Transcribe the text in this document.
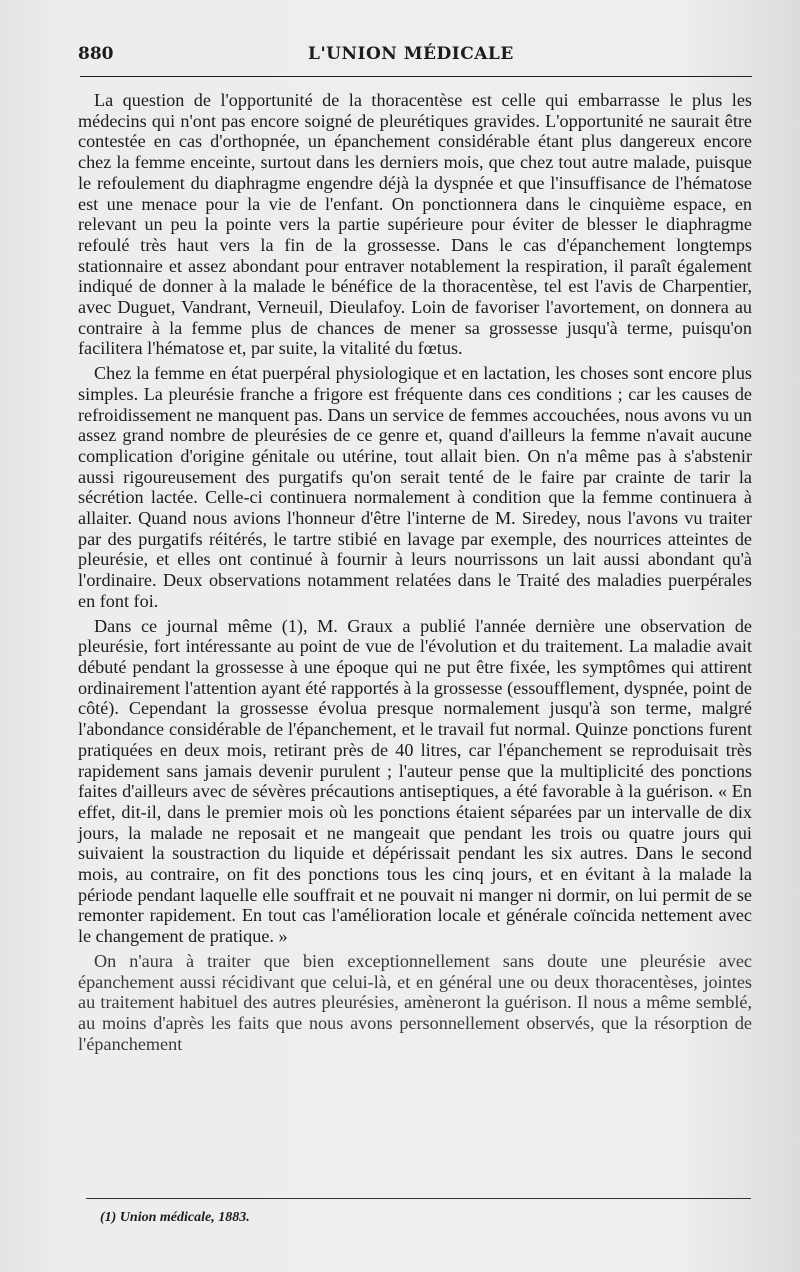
880	L'UNION MÉDICALE

La question de l'opportunité de la thoracentèse est celle qui embarrasse le plus les médecins qui n'ont pas encore soigné de pleurétiques gravides. L'opportunité ne saurait être contestée en cas d'orthopnée, un épanchement considérable étant plus dangereux encore chez la femme enceinte, surtout dans les derniers mois, que chez tout autre malade, puisque le refoulement du diaphragme engendre déjà la dyspnée et que l'insuffisance de l'hématose est une menace pour la vie de l'enfant. On ponctionnera dans le cinquième espace, en relevant un peu la pointe vers la partie supérieure pour éviter de blesser le diaphragme refoulé très haut vers la fin de la grossesse. Dans le cas d'épanchement longtemps stationnaire et assez abondant pour entraver notablement la respiration, il paraît également indiqué de donner à la malade le bénéfice de la thoracentèse, tel est l'avis de Charpentier, avec Duguet, Vandrant, Verneuil, Dieulafoy. Loin de favoriser l'avortement, on donnera au contraire à la femme plus de chances de mener sa grossesse jusqu'à terme, puisqu'on facilitera l'hématose et, par suite, la vitalité du fœtus.

Chez la femme en état puerpéral physiologique et en lactation, les choses sont encore plus simples. La pleurésie franche a frigore est fréquente dans ces conditions ; car les causes de refroidissement ne manquent pas. Dans un service de femmes accouchées, nous avons vu un assez grand nombre de pleurésies de ce genre et, quand d'ailleurs la femme n'avait aucune complication d'origine génitale ou utérine, tout allait bien. On n'a même pas à s'abstenir aussi rigoureusement des purgatifs qu'on serait tenté de le faire par crainte de tarir la sécrétion lactée. Celle-ci continuera normalement à condition que la femme continuera à allaiter. Quand nous avions l'honneur d'être l'interne de M. Siredey, nous l'avons vu traiter par des purgatifs réitérés, le tartre stibié en lavage par exemple, des nourrices atteintes de pleurésie, et elles ont continué à fournir à leurs nourrissons un lait aussi abondant qu'à l'ordinaire. Deux observations notamment relatées dans le Traité des maladies puerpérales en font foi.

Dans ce journal même (1), M. Graux a publié l'année dernière une observation de pleurésie, fort intéressante au point de vue de l'évolution et du traitement. La maladie avait débuté pendant la grossesse à une époque qui ne put être fixée, les symptômes qui attirent ordinairement l'attention ayant été rapportés à la grossesse (essoufflement, dyspnée, point de côté). Cependant la grossesse évolua presque normalement jusqu'à son terme, malgré l'abondance considérable de l'épanchement, et le travail fut normal. Quinze ponctions furent pratiquées en deux mois, retirant près de 40 litres, car l'épanchement se reproduisait très rapidement sans jamais devenir purulent ; l'auteur pense que la multiplicité des ponctions faites d'ailleurs avec de sévères précautions antiseptiques, a été favorable à la guérison. « En effet, dit-il, dans le premier mois où les ponctions étaient séparées par un intervalle de dix jours, la malade ne reposait et ne mangeait que pendant les trois ou quatre jours qui suivaient la soustraction du liquide et dépérissait pendant les six autres. Dans le second mois, au contraire, on fit des ponctions tous les cinq jours, et en évitant à la malade la période pendant laquelle elle souffrait et ne pouvait ni manger ni dormir, on lui permit de se remonter rapidement. En tout cas l'amélioration locale et générale coïncida nettement avec le changement de pratique. »

On n'aura à traiter que bien exceptionnellement sans doute une pleurésie avec épanchement aussi récidivant que celui-là, et en général une ou deux thoracentèses, jointes au traitement habituel des autres pleurésies, amèneront la guérison. Il nous a même semblé, au moins d'après les faits que nous avons personnellement observés, que la résorption de l'épanchement

(1) Union médicale, 1883.
